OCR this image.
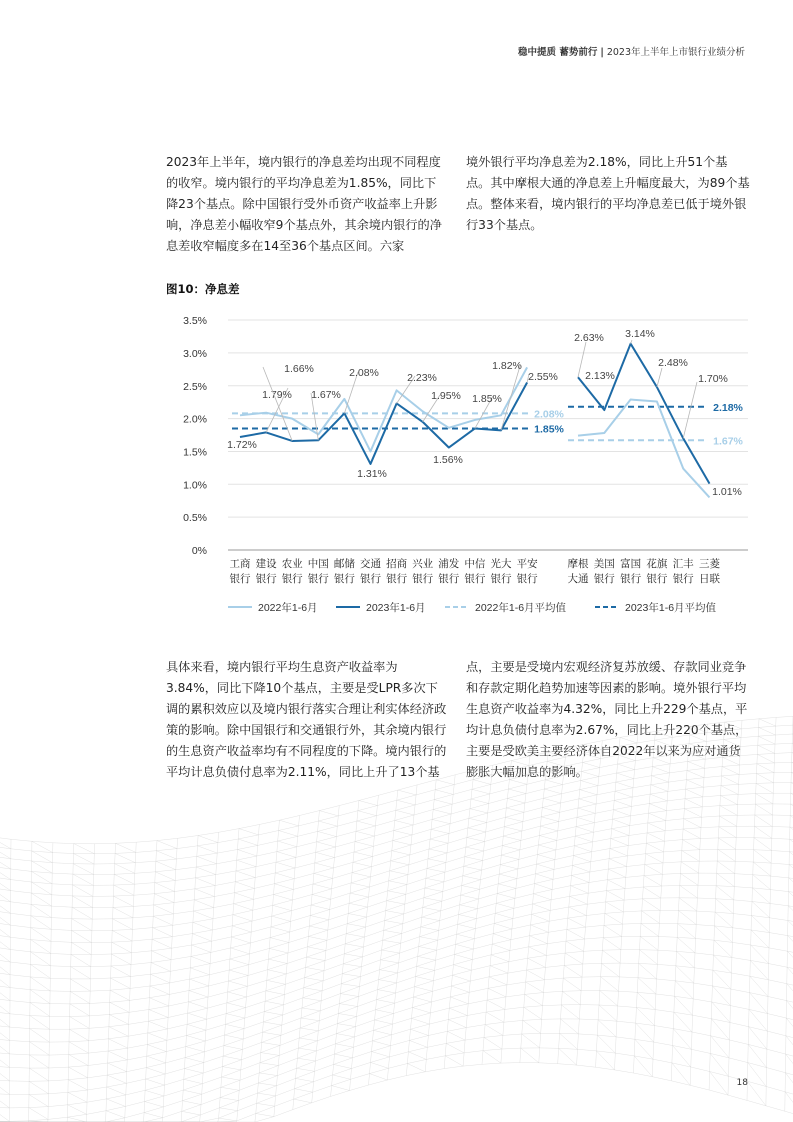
稳中提质 蓄势前行 | 2023年上半年上市银行业绩分析

2023年上半年，境内银行的净息差均出现不同程度的收窄。境内银行的平均净息差为1.85%，同比下降23个基点。除中国银行受外币资产收益率上升影响，净息差小幅收窄9个基点外，其余境内银行的净息差收窄幅度多在14至36个基点区间。六家

境外银行平均净息差为2.18%，同比上升51个基点。其中摩根大通的净息差上升幅度最大，为89个基点。整体来看，境内银行的平均净息差已低于境外银行33个基点。

图10：净息差
0%
0.5%
1.0%
1.5%
2.0%
2.5%
3.0%
3.5%
1.72%
1.79%
1.66%
1.67%
2.08%
1.31%
2.23%
1.95%
1.56%
1.85%
1.82%
2.55%
2.63%
2.13%
3.14%
2.48%
1.70%
1.01%
2.08%
1.85%
1.67%
2.18%
工商
银行
建设
银行
农业
银行
中国
银行
邮储
银行
交通
银行
招商
银行
兴业
银行
浦发
银行
中信
银行
光大
银行
平安
银行
摩根
大通
美国
银行
富国
银行
花旗
银行
汇丰
银行
三菱
日联
2022年1-6月	2023年1-6月	2022年1-6月平均值	2023年1-6月平均值

具体来看，境内银行平均生息资产收益率为3.84%，同比下降10个基点，主要是受LPR多次下调的累积效应以及境内银行落实合理让利实体经济政策的影响。除中国银行和交通银行外，其余境内银行的生息资产收益率均有不同程度的下降。境内银行的平均计息负债付息率为2.11%，同比上升了13个基

点，主要是受境内宏观经济复苏放缓、存款同业竞争和存款定期化趋势加速等因素的影响。境外银行平均生息资产收益率为4.32%，同比上升229个基点，平均计息负债付息率为2.67%，同比上升220个基点，主要是受欧美主要经济体自2022年以来为应对通货膨胀大幅加息的影响。

18
